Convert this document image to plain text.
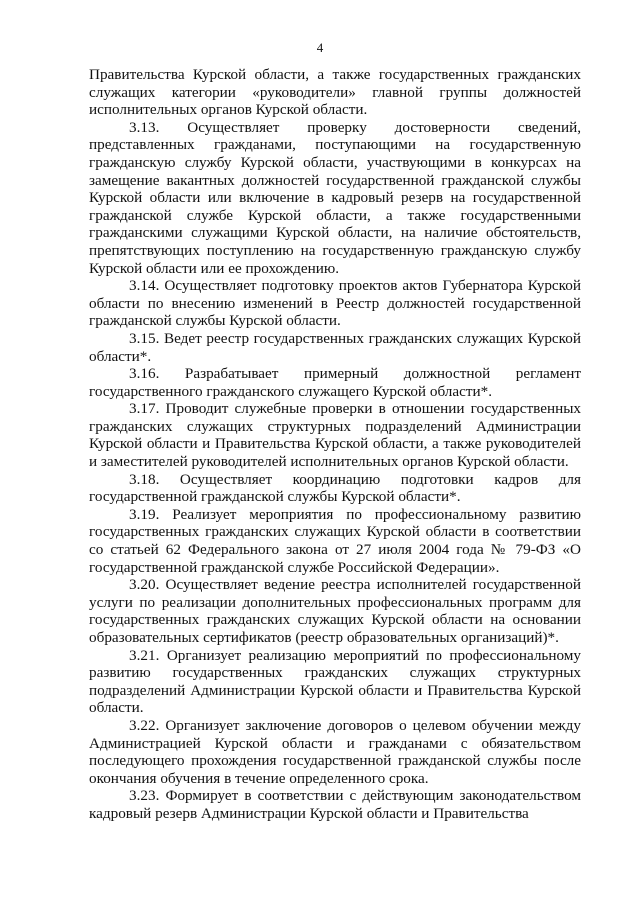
4

Правительства Курской области, а также государственных гражданских служащих категории «руководители» главной группы должностей исполнительных органов Курской области.

3.13. Осуществляет проверку достоверности сведений, представленных гражданами, поступающими на государственную гражданскую службу Курской области, участвующими в конкурсах на замещение вакантных должностей государственной гражданской службы Курской области или включение в кадровый резерв на государственной гражданской службе Курской области, а также государственными гражданскими служащими Курской области, на наличие обстоятельств, препятствующих поступлению на государственную гражданскую службу Курской области или ее прохождению.

3.14. Осуществляет подготовку проектов актов Губернатора Курской области по внесению изменений в Реестр должностей государственной гражданской службы Курской области.

3.15. Ведет реестр государственных гражданских служащих Курской области*.

3.16. Разрабатывает примерный должностной регламент государственного гражданского служащего Курской области*.

3.17. Проводит служебные проверки в отношении государственных гражданских служащих структурных подразделений Администрации Курской области и Правительства Курской области, а также руководителей и заместителей руководителей исполнительных органов Курской области.

3.18. Осуществляет координацию подготовки кадров для государственной гражданской службы Курской области*.

3.19. Реализует мероприятия по профессиональному развитию государственных гражданских служащих Курской области в соответствии со статьей 62 Федерального закона от 27 июля 2004 года № 79-ФЗ «О государственной гражданской службе Российской Федерации».

3.20. Осуществляет ведение реестра исполнителей государственной услуги по реализации дополнительных профессиональных программ для государственных гражданских служащих Курской области на основании образовательных сертификатов (реестр образовательных организаций)*.

3.21. Организует реализацию мероприятий по профессиональному развитию государственных гражданских служащих структурных подразделений Администрации Курской области и Правительства Курской области.

3.22. Организует заключение договоров о целевом обучении между Администрацией Курской области и гражданами с обязательством последующего прохождения государственной гражданской службы после окончания обучения в течение определенного срока.

3.23. Формирует в соответствии с действующим законодательством кадровый резерв Администрации Курской области и Правительства
